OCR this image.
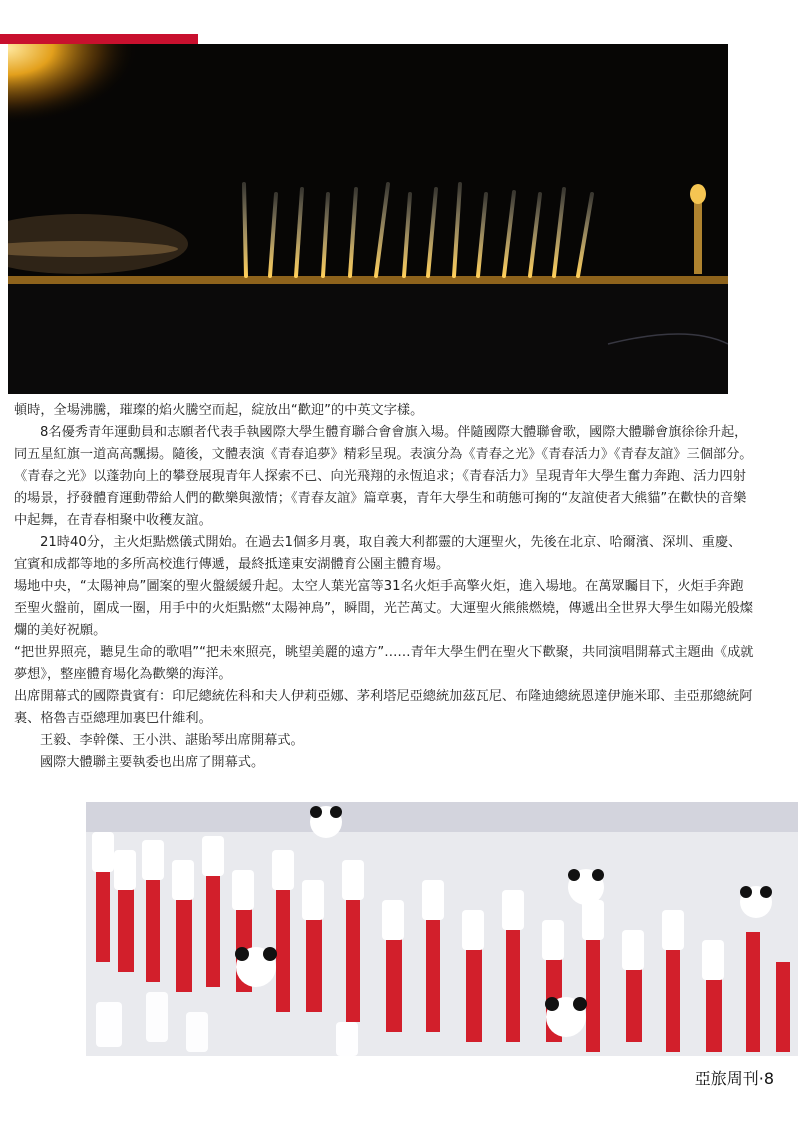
頓時，全場沸騰，璀璨的焰火騰空而起，綻放出“歡迎”的中英文字樣。

8名優秀青年運動員和志願者代表手執國際大學生體育聯合會會旗入場。伴隨國際大體聯會歌，國際大體聯會旗徐徐升起，同五星紅旗一道高高飄揚。隨後，文體表演《青春追夢》精彩呈現。表演分為《青春之光》《青春活力》《青春友誼》三個部分。《青春之光》以蓬勃向上的攀登展現青年人探索不已、向光飛翔的永恆追求；《青春活力》呈現青年大學生奮力奔跑、活力四射的場景，抒發體育運動帶給人們的歡樂與激情；《青春友誼》篇章裏，青年大學生和萌態可掬的“友誼使者大熊貓”在歡快的音樂中起舞，在青春相聚中收穫友誼。

21時40分，主火炬點燃儀式開始。在過去1個多月裏，取自義大利都靈的大運聖火，先後在北京、哈爾濱、深圳、重慶、宜賓和成都等地的多所高校進行傳遞，最終抵達東安湖體育公園主體育場。

場地中央，“太陽神鳥”圖案的聖火盤緩緩升起。太空人葉光富等31名火炬手高擎火炬，進入場地。在萬眾矚目下，火炬手奔跑至聖火盤前，圍成一圈，用手中的火炬點燃“太陽神鳥”，瞬間，光芒萬丈。大運聖火熊熊燃燒，傳遞出全世界大學生如陽光般燦爛的美好祝願。

“把世界照亮，聽見生命的歌唱”“把未來照亮，眺望美麗的遠方”……青年大學生們在聖火下歡聚，共同演唱開幕式主題曲《成就夢想》，整座體育場化為歡樂的海洋。

出席開幕式的國際貴賓有：印尼總統佐科和夫人伊莉亞娜、茅利塔尼亞總統加茲瓦尼、布隆迪總統恩達伊施米耶、圭亞那總統阿裏、格魯吉亞總理加裏巴什維利。

王毅、李幹傑、王小洪、諶貽琴出席開幕式。

國際大體聯主要執委也出席了開幕式。

亞旅周刊·8
